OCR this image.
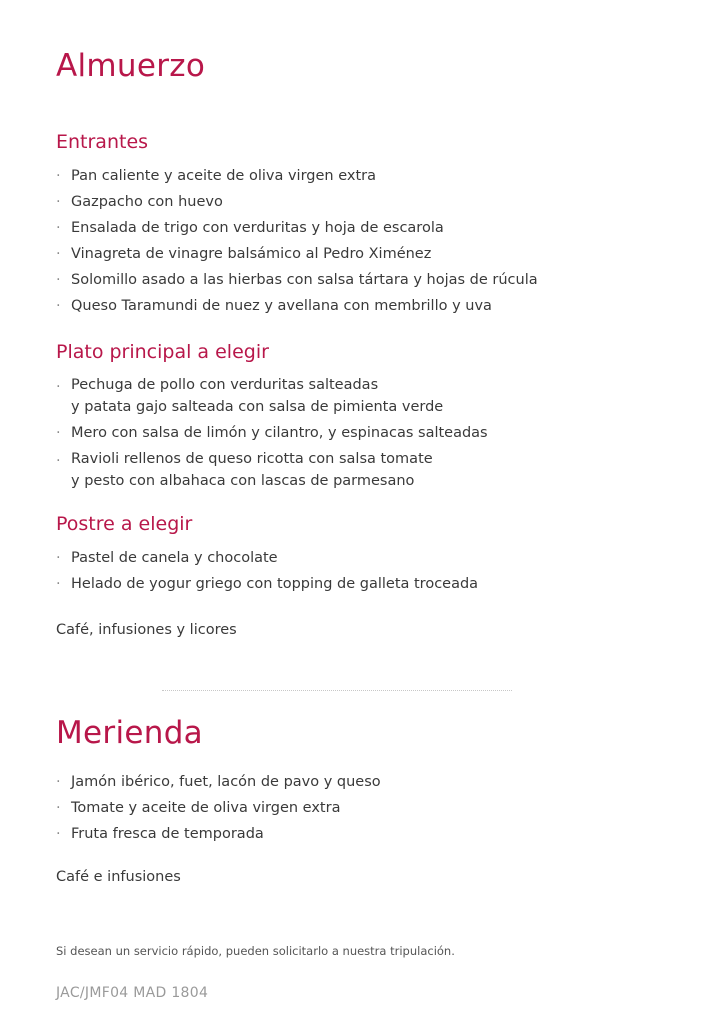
Almuerzo
Entrantes
· Pan caliente y aceite de oliva virgen extra
· Gazpacho con huevo
· Ensalada de trigo con verduritas y hoja de escarola
· Vinagreta de vinagre balsámico al Pedro Ximénez
· Solomillo asado a las hierbas con salsa tártara y hojas de rúcula
· Queso Taramundi de nuez y avellana con membrillo y uva
Plato principal a elegir
· Pechuga de pollo con verduritas salteadas
y patata gajo salteada con salsa de pimienta verde
· Mero con salsa de limón y cilantro, y espinacas salteadas
· Ravioli rellenos de queso ricotta con salsa tomate
y pesto con albahaca con lascas de parmesano
Postre a elegir
· Pastel de canela y chocolate
· Helado de yogur griego con topping de galleta troceada

Café, infusiones y licores

Merienda
· Jamón ibérico, fuet, lacón de pavo y queso
· Tomate y aceite de oliva virgen extra
· Fruta fresca de temporada

Café e infusiones

Si desean un servicio rápido, pueden solicitarlo a nuestra tripulación.
JAC/JMF04 MAD 1804
